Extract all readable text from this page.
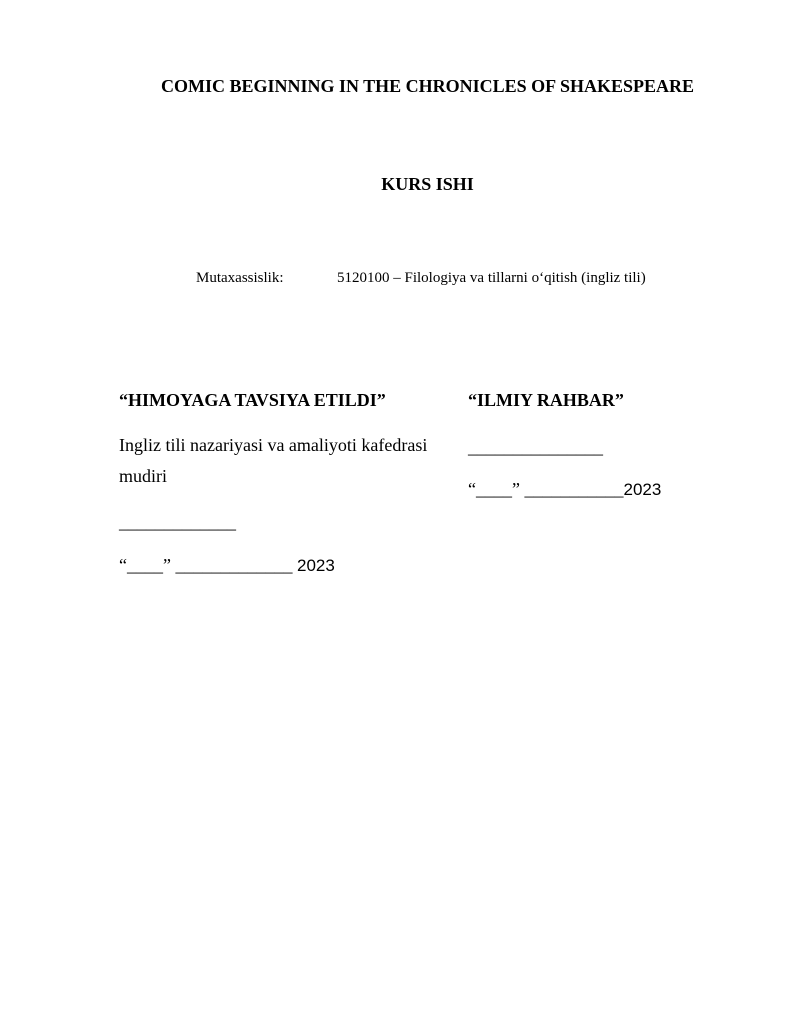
COMIC BEGINNING IN THE CHRONICLES OF SHAKESPEARE
KURS ISHI
Mutaxassislik:	5120100 – Filologiya va tillarni o‘qitish (ingliz tili)
“HIMOYAGA TAVSIYA ETILDI”
Ingliz tili nazariyasi va amaliyoti kafedrasi
mudiri
_____________
“____” _____________ 2023
“ILMIY RAHBAR”
_______________
“____” ___________2023
